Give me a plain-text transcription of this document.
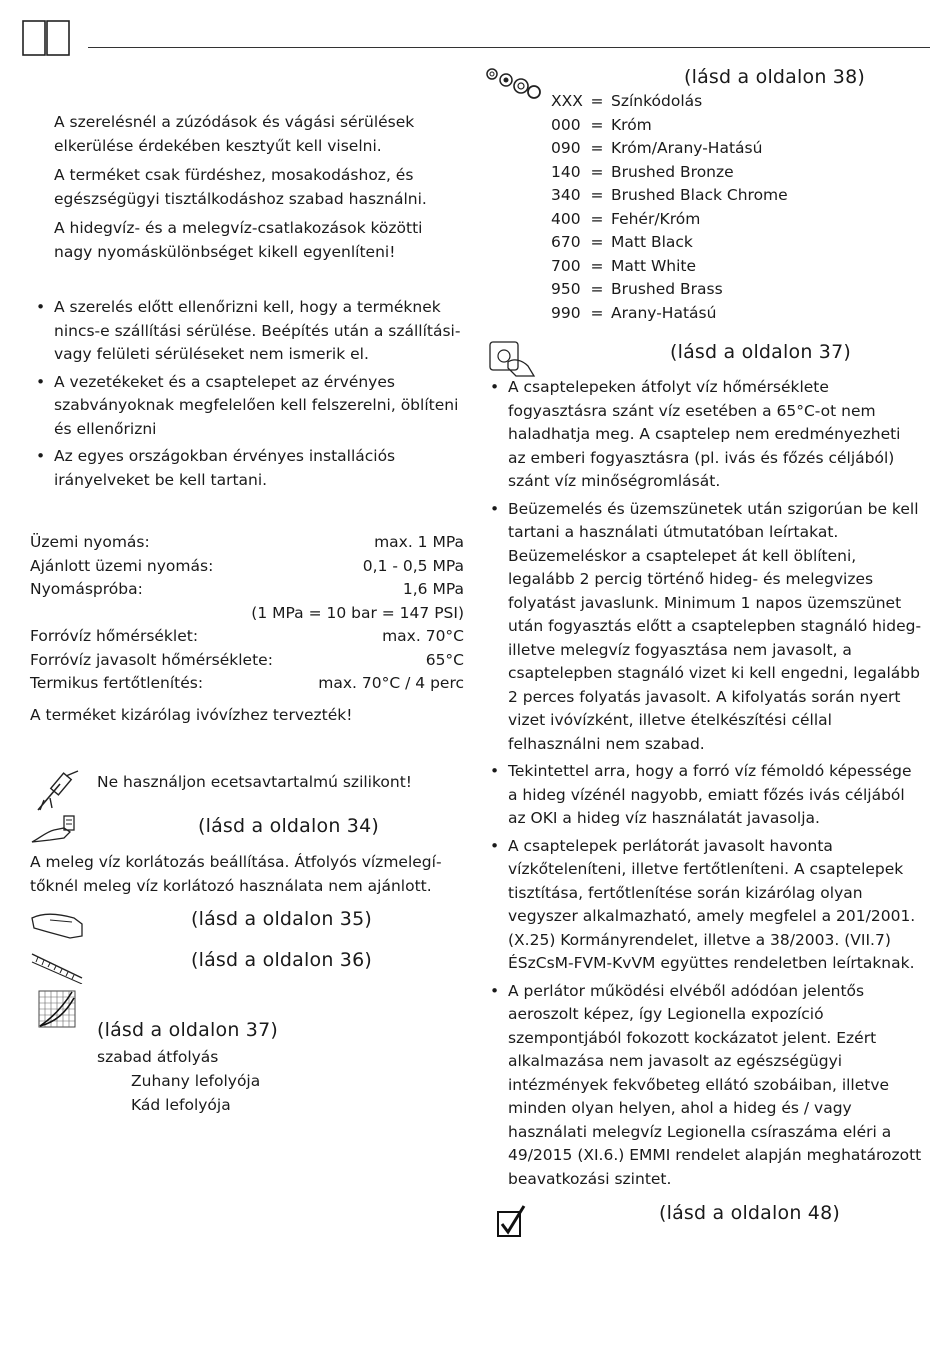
A szerelésnél a zúzódások és vágási sérülések elkerülése érdekében kesztyűt kell viselni.

A terméket csak fürdéshez, mosakodáshoz, és egészségügyi tisztálkodáshoz szabad használni.

A hidegvíz- és a melegvíz-csatlakozások közötti nagy nyomáskülönbséget kikell egyenlíteni!

• A szerelés előtt ellenőrizni kell, hogy a terméknek nincs-e szállítási sérülése. Beépítés után a szállítási- vagy felületi sérüléseket nem ismerik el.

• A vezetékeket és a csaptelepet az érvényes szabványoknak megfelelően kell felszerelni, öblíteni és ellenőrizni

• Az egyes országokban érvényes installációs irányelveket be kell tartani.

Üzemi nyomás:	max. 1 MPa
Ajánlott üzemi nyomás:	0,1 - 0,5 MPa
Nyomáspróba:	1,6 MPa
(1 MPa = 10 bar = 147 PSI)
Forróvíz hőmérséklet:	max. 70°C
Forróvíz javasolt hőmérséklete:	65°C
Termikus fertőtlenítés:	max. 70°C / 4 perc

A terméket kizárólag ivóvízhez tervezték!

Ne használjon ecetsavtartalmú szilikont!
(lásd a oldalon 34)
A meleg víz korlátozás beállítása. Átfolyós vízmelegí-tőknél meleg víz korlátozó használata nem ajánlott.
(lásd a oldalon 35)
(lásd a oldalon 36)
(lásd a oldalon 37)
szabad átfolyás
Zuhany lefolyója
Kád lefolyója
(lásd a oldalon 38)
XXX = Színkódolás
000 = Króm
090 = Króm/Arany-Hatású
140 = Brushed Bronze
340 = Brushed Black Chrome
400 = Fehér/Króm
670 = Matt Black
700 = Matt White
950 = Brushed Brass
990 = Arany-Hatású
(lásd a oldalon 37)

• A csaptelepeken átfolyt víz hőmérséklete fogyasztásra szánt víz esetében a 65°C-ot nem haladhatja meg. A csaptelep nem eredményezheti az emberi fogyasztásra (pl. ivás és főzés céljából) szánt víz minőségromlását.

• Beüzemelés és üzemszünetek után szigorúan be kell tartani a használati útmutatóban leírtakat. Beüzemeléskor a csaptelepet át kell öblíteni, legalább 2 percig történő hideg- és melegvizes folyatást javaslunk. Minimum 1 napos üzemszünet után fogyasztás előtt a csaptelepben stagnáló hideg- illetve melegvíz fogyasztása nem javasolt, a csaptelepben stagnáló vizet ki kell engedni, legalább 2 perces folyatás javasolt. A kifolyatás során nyert vizet ivóvízként, illetve ételkészítési céllal felhasználni nem szabad.

• Tekintettel arra, hogy a forró víz fémoldó képessége a hideg vízénél nagyobb, emiatt főzés ivás céljából az OKI a hideg víz használatát javasolja.

• A csaptelepek perlátorát javasolt havonta vízkőteleníteni, illetve fertőtleníteni. A csaptelepek tisztítása, fertőtlenítése során kizárólag olyan vegyszer alkalmazható, amely megfelel a 201/2001. (X.25) Kormányrendelet, illetve a 38/2003. (VII.7) ÉSzCsM-FVM-KvVM együttes rendeletben leírtaknak.

• A perlátor működési elvéből adódóan jelentős aeroszolt képez, így Legionella expozíció szempontjából fokozott kockázatot jelent. Ezért alkalmazása nem javasolt az egészségügyi intézmények fekvőbeteg ellátó szobáiban, illetve minden olyan helyen, ahol a hideg és / vagy használati melegvíz Legionella csíraszáma eléri a 49/2015 (XI.6.) EMMI rendelet alapján meghatározott beavatkozási szintet.

(lásd a oldalon 48)
